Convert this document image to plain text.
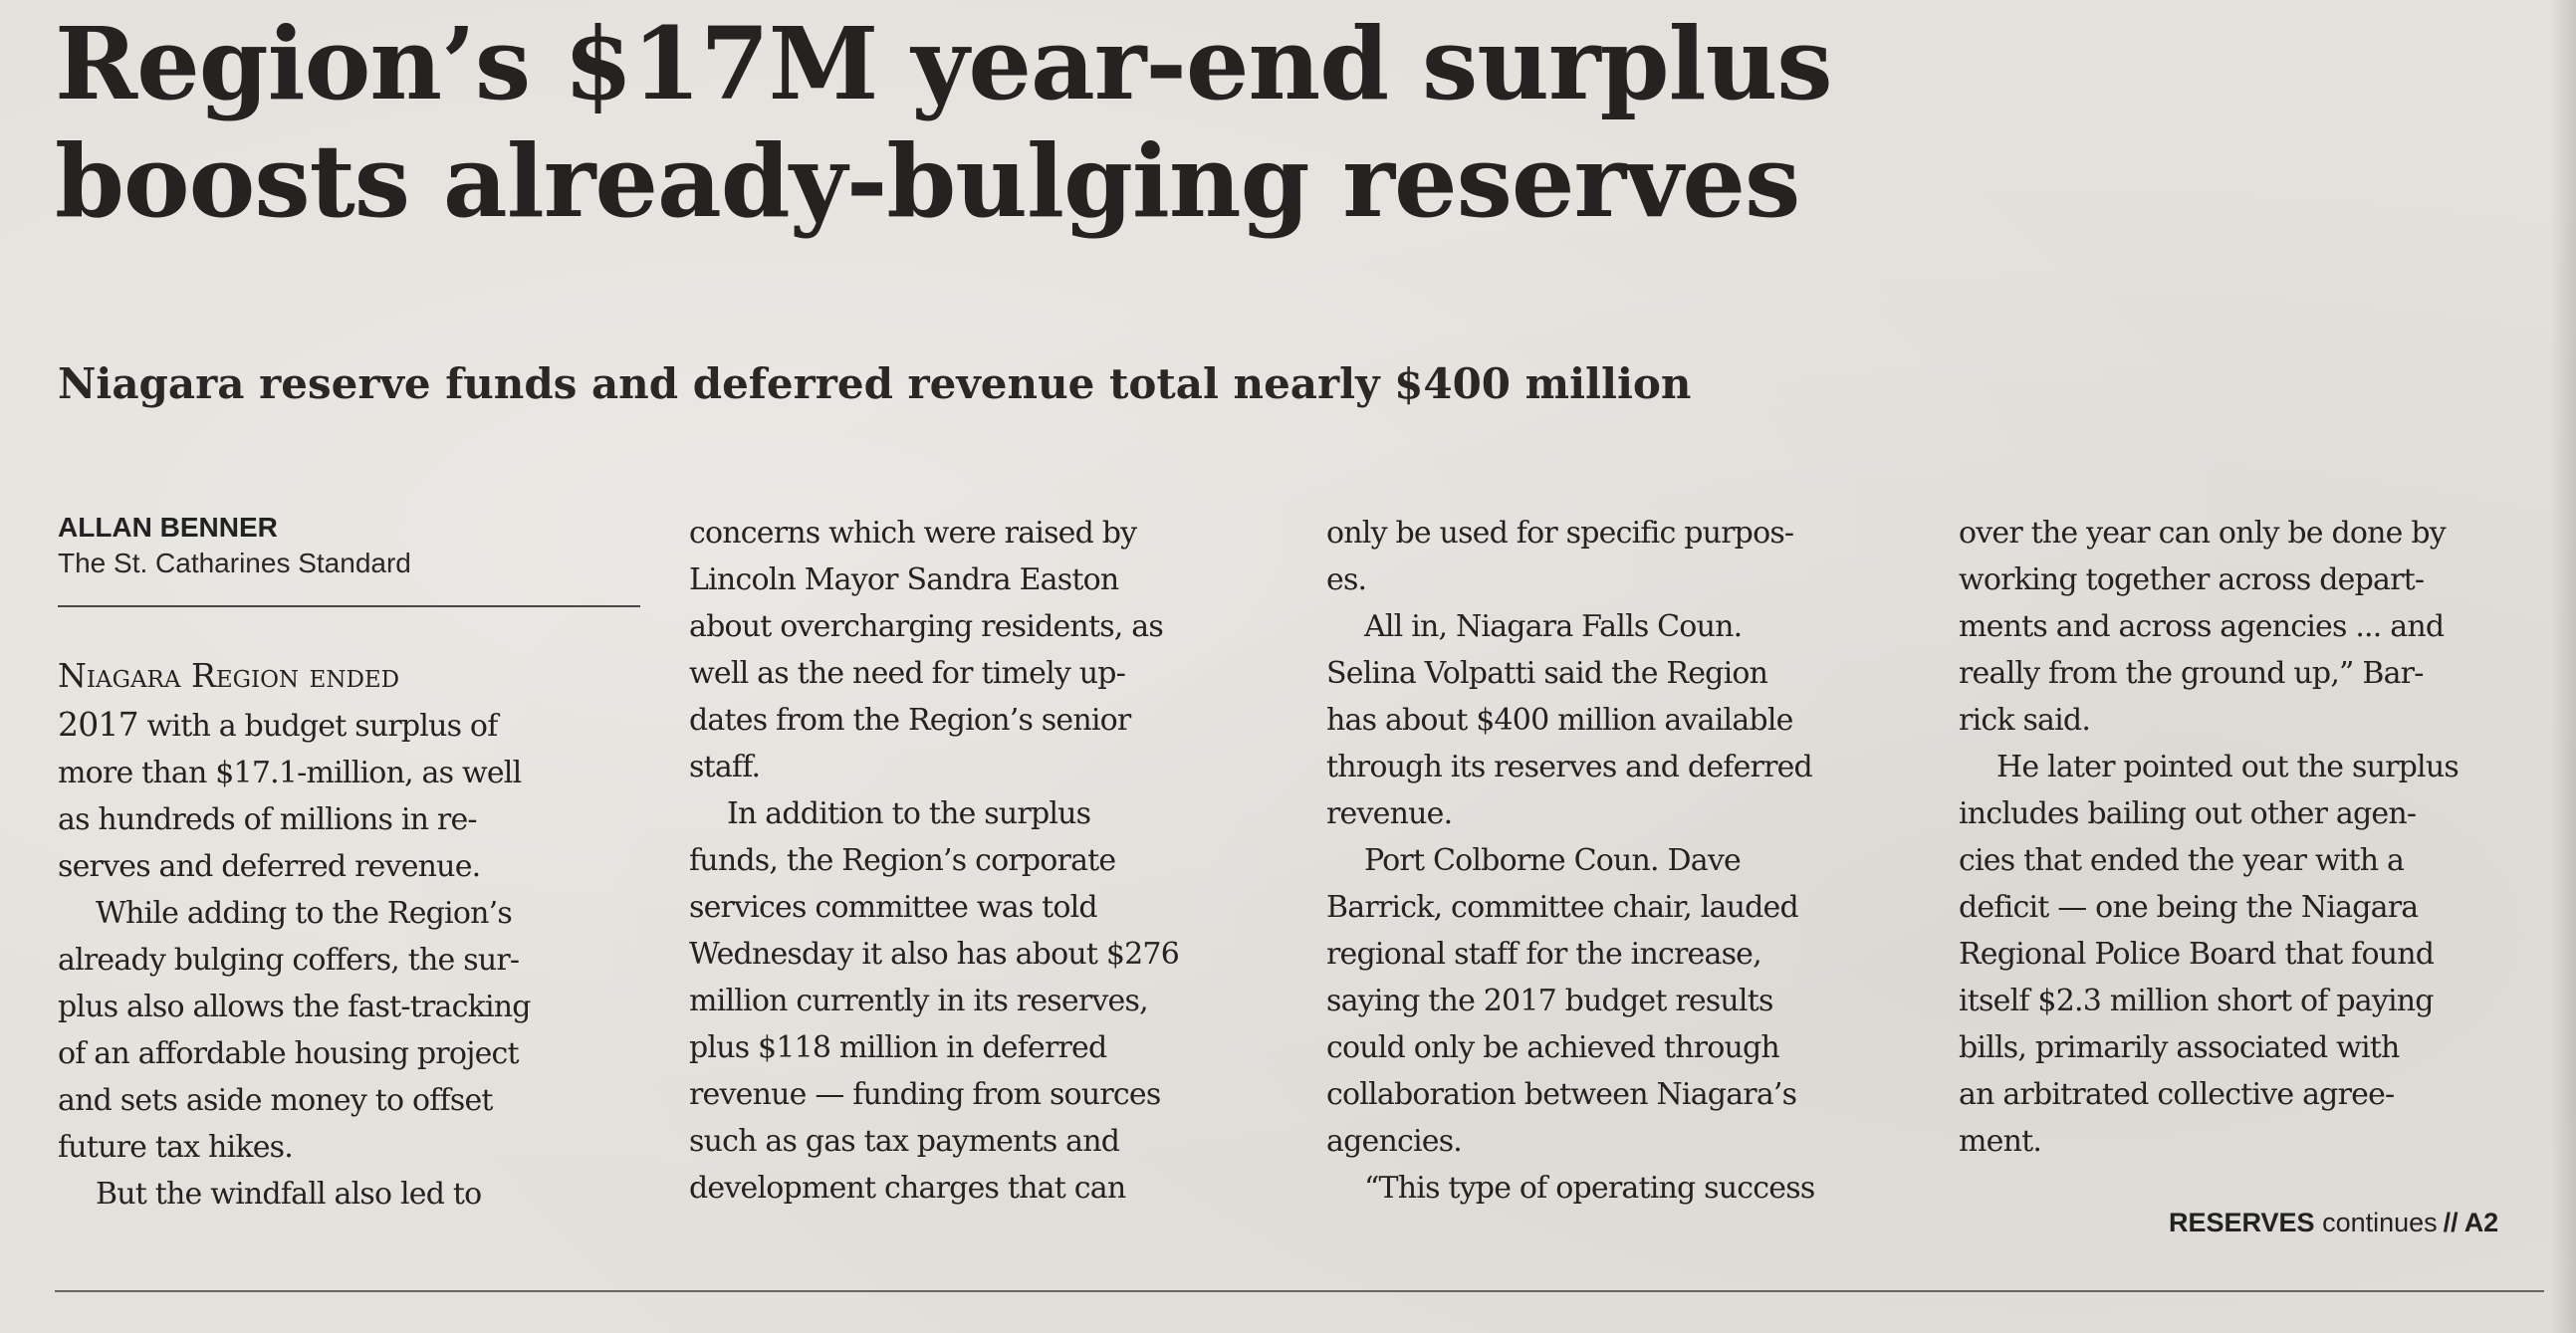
Region’s $17M year-end surplus
boosts already-bulging reserves
Niagara reserve funds and deferred revenue total nearly $400 million
ALLAN BENNER
The St. Catharines Standard

Niagara Region ended
2017 with a budget surplus of
more than $17.1-million, as well
as hundreds of millions in re-
serves and deferred revenue.

While adding to the Region’s
already bulging coffers, the sur-
plus also allows the fast-tracking
of an affordable housing project
and sets aside money to offset
future tax hikes.

But the windfall also led to

concerns which were raised by
Lincoln Mayor Sandra Easton
about overcharging residents, as
well as the need for timely up-
dates from the Region’s senior
staff.

In addition to the surplus
funds, the Region’s corporate
services committee was told
Wednesday it also has about $276
million currently in its reserves,
plus $118 million in deferred
revenue — funding from sources
such as gas tax payments and
development charges that can

only be used for specific purpos-
es.

All in, Niagara Falls Coun.
Selina Volpatti said the Region
has about $400 million available
through its reserves and deferred
revenue.

Port Colborne Coun. Dave
Barrick, committee chair, lauded
regional staff for the increase,
saying the 2017 budget results
could only be achieved through
collaboration between Niagara’s
agencies.

“This type of operating success

over the year can only be done by
working together across depart-
ments and across agencies ... and
really from the ground up,” Bar-
rick said.

He later pointed out the surplus
includes bailing out other agen-
cies that ended the year with a
deficit — one being the Niagara
Regional Police Board that found
itself $2.3 million short of paying
bills, primarily associated with
an arbitrated collective agree-
ment.

RESERVES continues // A2
